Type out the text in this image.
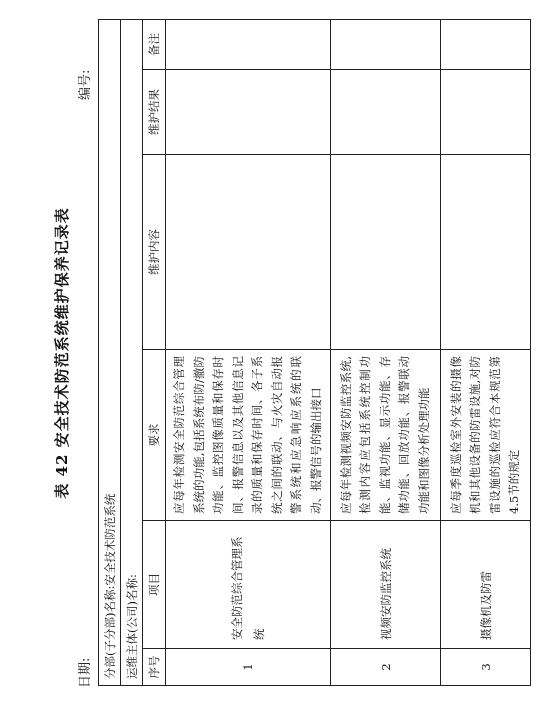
表 42 安全技术防范系统维护保养记录表
日期:
编号:
分部(子分部)名称:安全技术防范系统					
运维主体(公司)名称:					
序号	项目	要求	维护内容	维护结果	备注
1	安全防范综合管理系统	应每年检测安全防范综合管理系统的功能,包括系统布防/撤防功能、监控图像质量和保存时间、报警信息以及其他信息记录的质量和保存时间、各子系统之间的联动、与火灾自动报警系统和应急响应系统的联动、报警信号的输出接口			
2	视频安防监控系统	应每年检测视频安防监控系统,检测内容应包括系统控制功能、监视功能、显示功能、存储功能、回放功能、报警联动功能和图像分析处理功能			
3	摄像机及防雷	应每季度巡检室外安装的摄像机和其他设备的防雷设施,对防雷设施的巡检应符合本规范第4.5节的规定			
